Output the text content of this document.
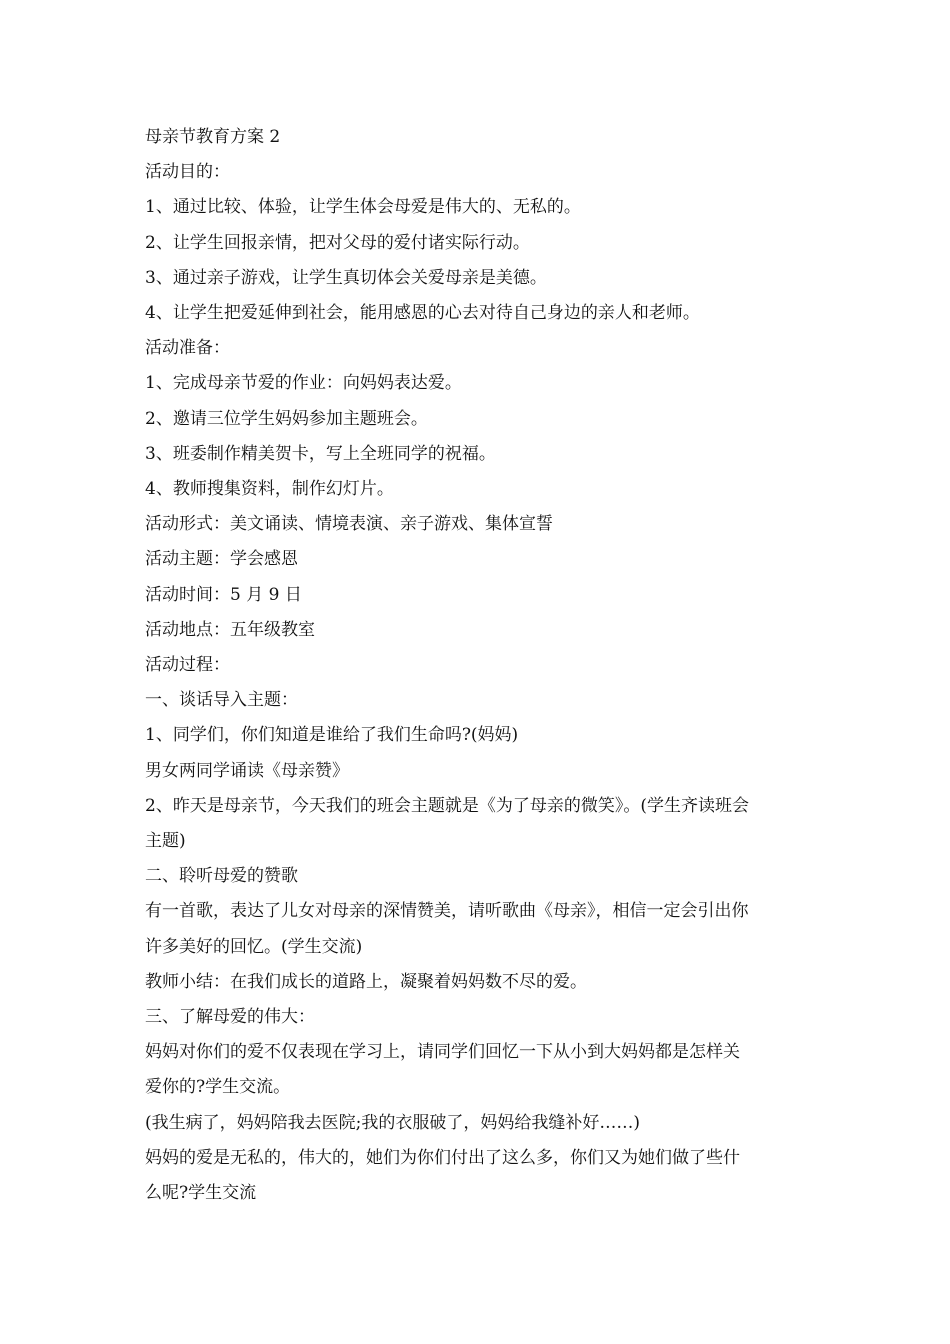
母亲节教育方案 2
活动目的：
1、通过比较、体验，让学生体会母爱是伟大的、无私的。
2、让学生回报亲情，把对父母的爱付诸实际行动。
3、通过亲子游戏，让学生真切体会关爱母亲是美德。
4、让学生把爱延伸到社会，能用感恩的心去对待自己身边的亲人和老师。
活动准备：
1、完成母亲节爱的作业：向妈妈表达爱。
2、邀请三位学生妈妈参加主题班会。
3、班委制作精美贺卡，写上全班同学的祝福。
4、教师搜集资料，制作幻灯片。
活动形式：美文诵读、情境表演、亲子游戏、集体宣誓
活动主题：学会感恩
活动时间：5 月 9 日
活动地点：五年级教室
活动过程：
一、谈话导入主题：
1、同学们，你们知道是谁给了我们生命吗?(妈妈)
男女两同学诵读《母亲赞》
2、昨天是母亲节，今天我们的班会主题就是《为了母亲的微笑》。(学生齐读班会
主题)
二、聆听母爱的赞歌
有一首歌，表达了儿女对母亲的深情赞美，请听歌曲《母亲》，相信一定会引出你
许多美好的回忆。(学生交流)
教师小结：在我们成长的道路上，凝聚着妈妈数不尽的爱。
三、了解母爱的伟大：
妈妈对你们的爱不仅表现在学习上，请同学们回忆一下从小到大妈妈都是怎样关
爱你的?学生交流。
(我生病了，妈妈陪我去医院;我的衣服破了，妈妈给我缝补好……)
妈妈的爱是无私的，伟大的，她们为你们付出了这么多，你们又为她们做了些什
么呢?学生交流
